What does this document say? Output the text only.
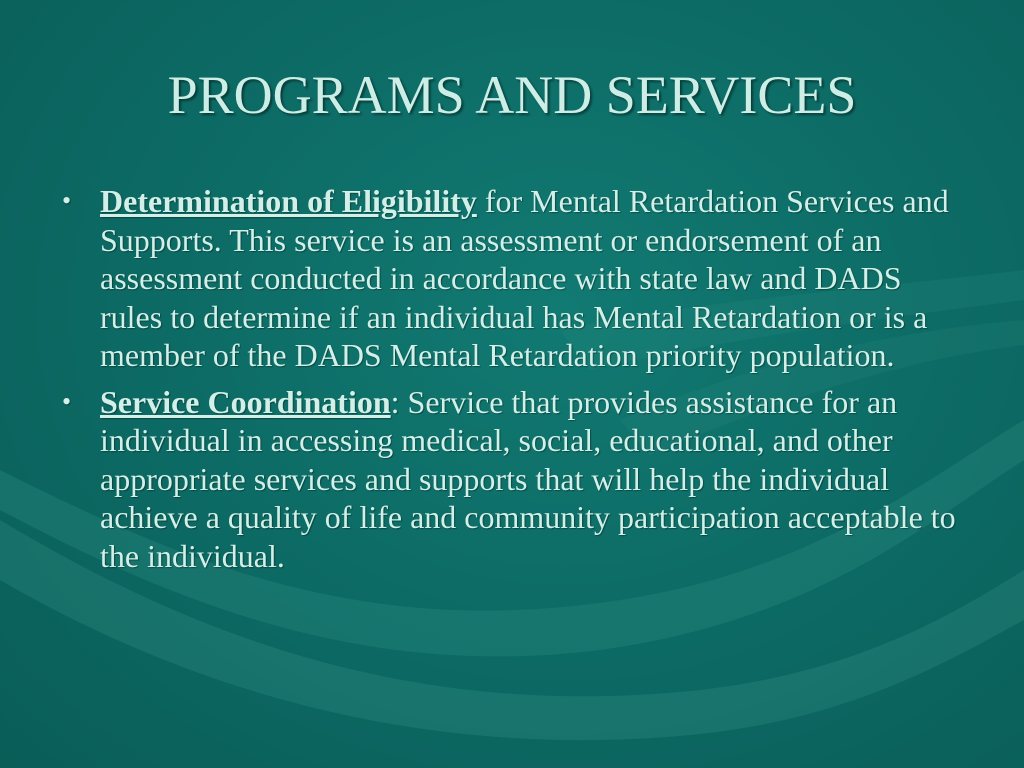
PROGRAMS AND SERVICES
• Determination of Eligibility for Mental Retardation Services and Supports. This service is an assessment or endorsement of an assessment conducted in accordance with state law and DADS rules to determine if an individual has Mental Retardation or is a member of the DADS Mental Retardation priority population.
• Service Coordination: Service that provides assistance for an individual in accessing medical, social, educational, and other appropriate services and supports that will help the individual achieve a quality of life and community participation acceptable to the individual.
